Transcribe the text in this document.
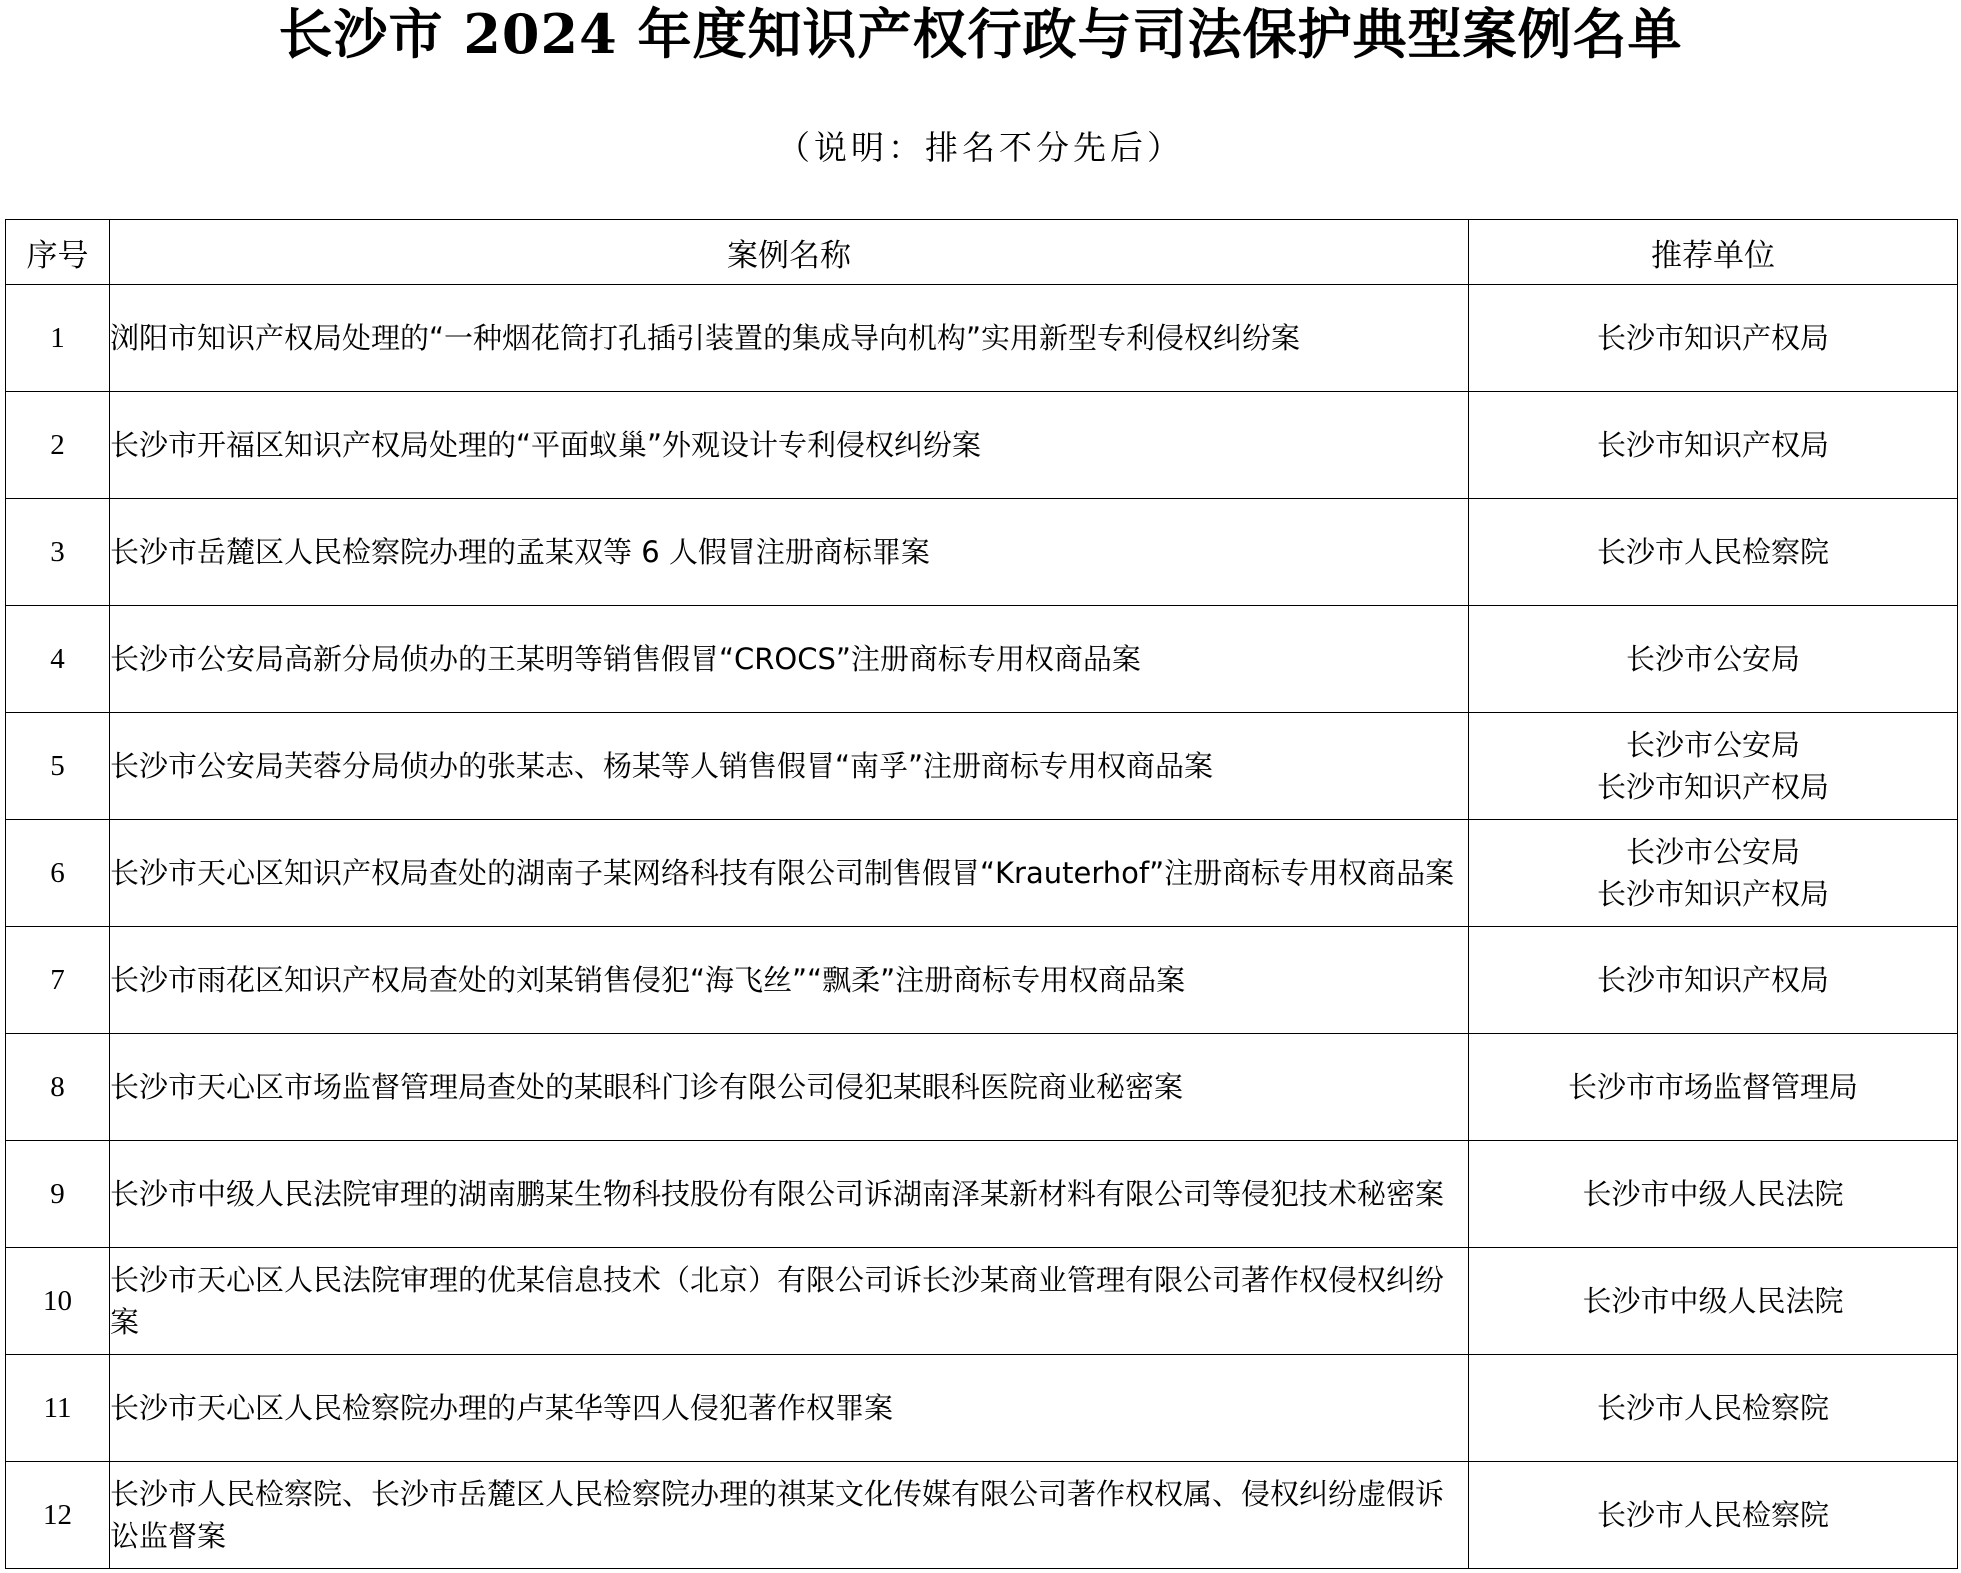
长沙市 2024 年度知识产权行政与司法保护典型案例名单
（说明：排名不分先后）
序号	案例名称	推荐单位
1	浏阳市知识产权局处理的“一种烟花筒打孔插引装置的集成导向机构”实用新型专利侵权纠纷案	长沙市知识产权局

2	长沙市开福区知识产权局处理的“平面蚁巢”外观设计专利侵权纠纷案	长沙市知识产权局

3	长沙市岳麓区人民检察院办理的孟某双等 6 人假冒注册商标罪案	长沙市人民检察院

4	长沙市公安局高新分局侦办的王某明等销售假冒“CROCS”注册商标专用权商品案	长沙市公安局

5	长沙市公安局芙蓉分局侦办的张某志、杨某等人销售假冒“南孚”注册商标专用权商品案	长沙市公安局
长沙市知识产权局

6	长沙市天心区知识产权局查处的湖南子某网络科技有限公司制售假冒“Krauterhof”注册商标专用权商品案	长沙市公安局
长沙市知识产权局

7	长沙市雨花区知识产权局查处的刘某销售侵犯“海飞丝”“飘柔”注册商标专用权商品案	长沙市知识产权局

8	长沙市天心区市场监督管理局查处的某眼科门诊有限公司侵犯某眼科医院商业秘密案	长沙市市场监督管理局

9	长沙市中级人民法院审理的湖南鹏某生物科技股份有限公司诉湖南泽某新材料有限公司等侵犯技术秘密案	长沙市中级人民法院

10	长沙市天心区人民法院审理的优某信息技术（北京）有限公司诉长沙某商业管理有限公司著作权侵权纠纷案	长沙市中级人民法院

11	长沙市天心区人民检察院办理的卢某华等四人侵犯著作权罪案	长沙市人民检察院

12	长沙市人民检察院、长沙市岳麓区人民检察院办理的祺某文化传媒有限公司著作权权属、侵权纠纷虚假诉讼监督案	长沙市人民检察院
